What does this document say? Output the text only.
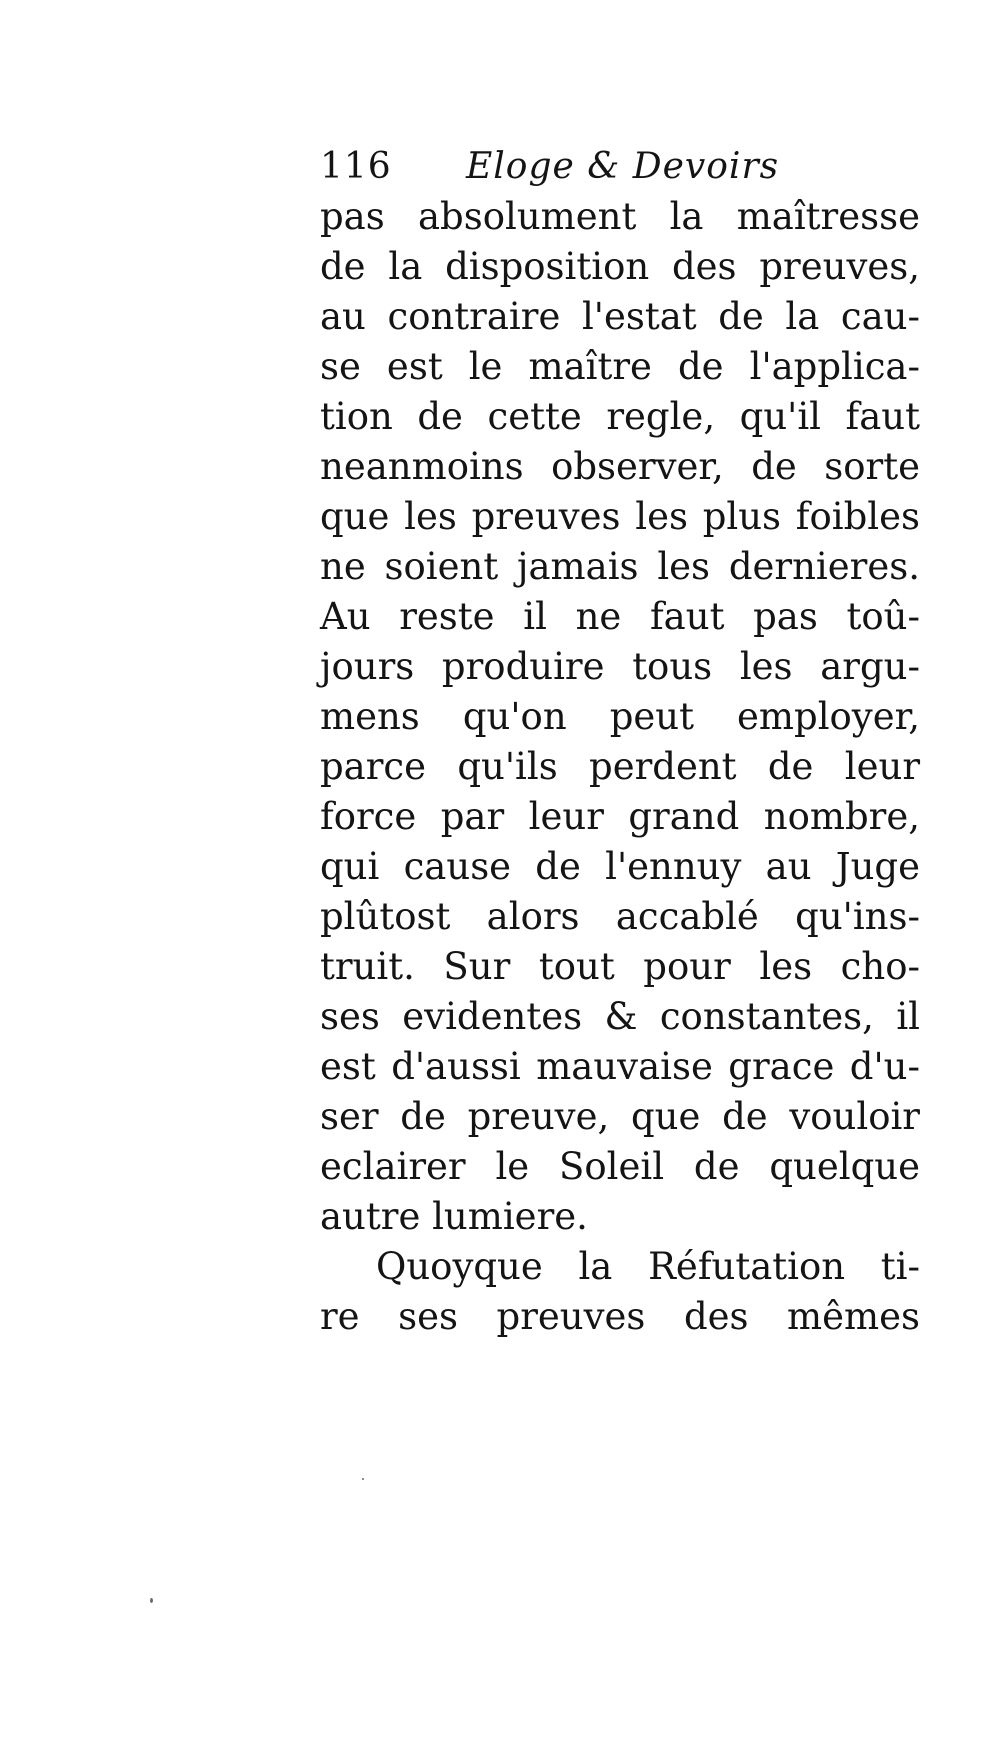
116 Eloge & Devoirs
pas absolument la maîtresse
de la disposition des preuves,
au contraire l'estat de la cau-
se est le maître de l'applica-
tion de cette regle, qu'il faut
neanmoins observer, de sorte
que les preuves les plus foibles
ne soient jamais les dernieres.
Au reste il ne faut pas toû-
jours produire tous les argu-
mens qu'on peut employer,
parce qu'ils perdent de leur
force par leur grand nombre,
qui cause de l'ennuy au Juge
plûtost alors accablé qu'ins-
truit. Sur tout pour les cho-
ses evidentes & constantes, il
est d'aussi mauvaise grace d'u-
ser de preuve, que de vouloir
eclairer le Soleil de quelque
autre lumiere.
Quoyque la Réfutation ti-
re ses preuves des mêmes
